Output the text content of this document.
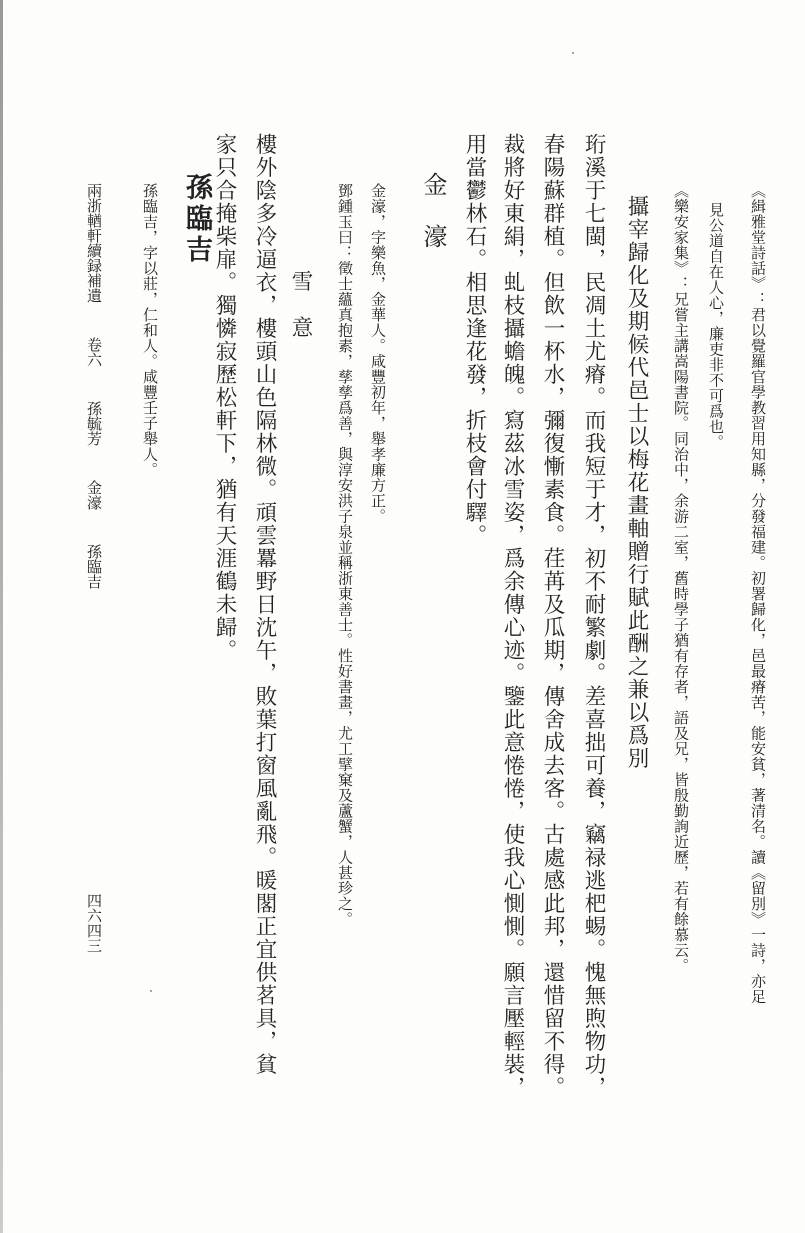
《緝雅堂詩話》：君以覺羅官學教習用知縣，分發福建。初署歸化，邑最瘠苦，能安貧，著清名。讀《留別》一詩，亦足
見公道自在人心，廉吏非不可爲也。
《樂安家集》：兄嘗主講嵩陽書院。同治中，余游二室，舊時學子猶有存者，語及兄，皆殷勤詢近歷，若有餘慕云。
攝宰歸化及期候代邑士以梅花畫軸贈行賦此酬之兼以爲別
珩溪于七閩，民凋土尤瘠。而我短于才，初不耐繁劇。差喜拙可養，竊禄逃杷蜴。愧無煦物功，
春陽蘇群植。但飲一杯水，彌復慚素食。荏苒及瓜期，傳舍成去客。古處感此邦，還惜留不得。
裁將好東絹，虬枝攝蟾魄。寫茲冰雪姿，爲余傳心迹。鑒此意惓惓，使我心惻惻。願言壓輕裝，
用當鬱林石。相思逢花發，折枝會付驛。
金　濠
金濠，字樂魚，金華人。咸豐初年，舉孝廉方正。
鄧鍾玉曰：徵士蘊真抱素，孳孳爲善，與淳安洪子泉並稱浙東善士。性好書畫，尤工擘窠及蘆蟹，人甚珍之。
雪　意
樓外陰多冷逼衣，樓頭山色隔林微。頑雲羃野日沈午，敗葉打窗風亂飛。暖閣正宜供茗具，貧
家只合掩柴扉。獨憐寂歷松軒下，猶有天涯鶴未歸。
孫臨吉
孫臨吉，字以莊，仁和人。咸豐壬子舉人。
兩浙輶軒續録補遺卷六孫毓芳金濠孫臨吉
四六四三
